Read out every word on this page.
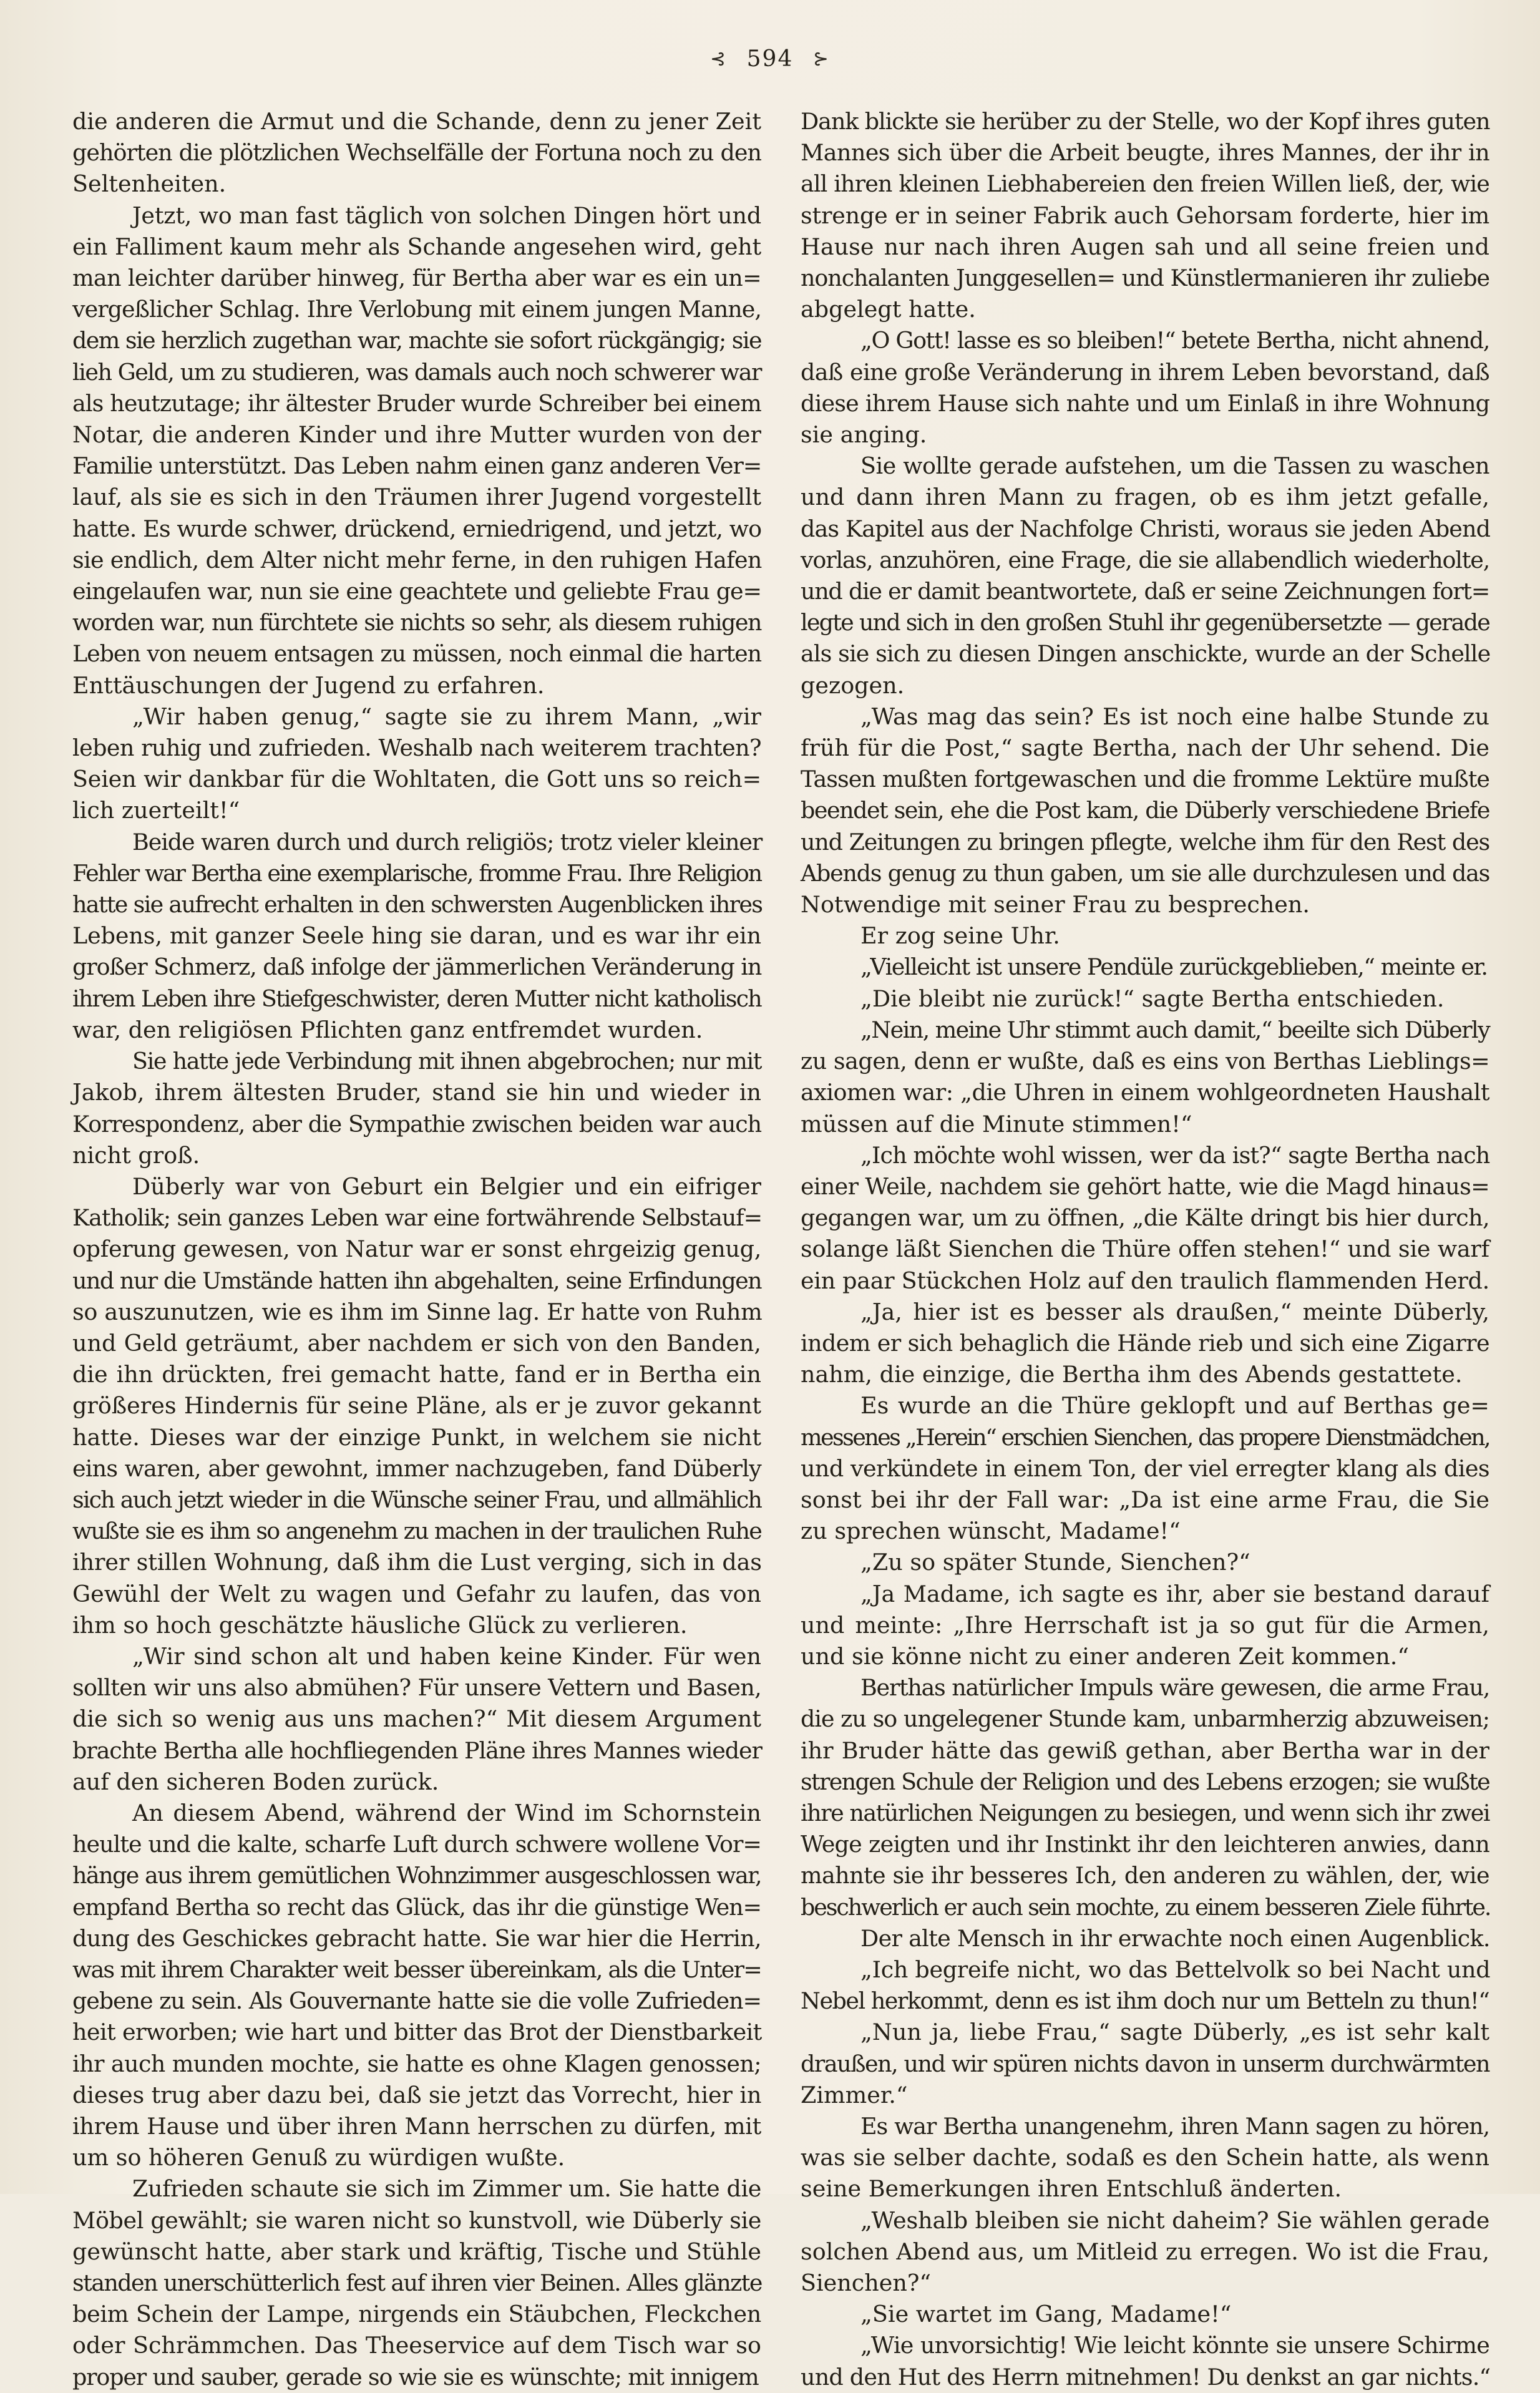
⊰ 594 ⊱
die anderen die Armut und die Schande, denn zu jener Zeit
gehörten die plötzlichen Wechselfälle der Fortuna noch zu den
Seltenheiten.
Jetzt, wo man fast täglich von solchen Dingen hört und
ein Falliment kaum mehr als Schande angesehen wird, geht
man leichter darüber hinweg, für Bertha aber war es ein un=
vergeßlicher Schlag. Ihre Verlobung mit einem jungen Manne,
dem sie herzlich zugethan war, machte sie sofort rückgängig; sie
lieh Geld, um zu studieren, was damals auch noch schwerer war
als heutzutage; ihr ältester Bruder wurde Schreiber bei einem
Notar, die anderen Kinder und ihre Mutter wurden von der
Familie unterstützt. Das Leben nahm einen ganz anderen Ver=
lauf, als sie es sich in den Träumen ihrer Jugend vorgestellt
hatte. Es wurde schwer, drückend, erniedrigend, und jetzt, wo
sie endlich, dem Alter nicht mehr ferne, in den ruhigen Hafen
eingelaufen war, nun sie eine geachtete und geliebte Frau ge=
worden war, nun fürchtete sie nichts so sehr, als diesem ruhigen
Leben von neuem entsagen zu müssen, noch einmal die harten
Enttäuschungen der Jugend zu erfahren.
„Wir haben genug,“ sagte sie zu ihrem Mann, „wir
leben ruhig und zufrieden. Weshalb nach weiterem trachten?
Seien wir dankbar für die Wohltaten, die Gott uns so reich=
lich zuerteilt!“
Beide waren durch und durch religiös; trotz vieler kleiner
Fehler war Bertha eine exemplarische, fromme Frau. Ihre Religion
hatte sie aufrecht erhalten in den schwersten Augenblicken ihres
Lebens, mit ganzer Seele hing sie daran, und es war ihr ein
großer Schmerz, daß infolge der jämmerlichen Veränderung in
ihrem Leben ihre Stiefgeschwister, deren Mutter nicht katholisch
war, den religiösen Pflichten ganz entfremdet wurden.
Sie hatte jede Verbindung mit ihnen abgebrochen; nur mit
Jakob, ihrem ältesten Bruder, stand sie hin und wieder in
Korrespondenz, aber die Sympathie zwischen beiden war auch
nicht groß.
Düberly war von Geburt ein Belgier und ein eifriger
Katholik; sein ganzes Leben war eine fortwährende Selbstauf=
opferung gewesen, von Natur war er sonst ehrgeizig genug,
und nur die Umstände hatten ihn abgehalten, seine Erfindungen
so auszunutzen, wie es ihm im Sinne lag. Er hatte von Ruhm
und Geld geträumt, aber nachdem er sich von den Banden,
die ihn drückten, frei gemacht hatte, fand er in Bertha ein
größeres Hindernis für seine Pläne, als er je zuvor gekannt
hatte. Dieses war der einzige Punkt, in welchem sie nicht
eins waren, aber gewohnt, immer nachzugeben, fand Düberly
sich auch jetzt wieder in die Wünsche seiner Frau, und allmählich
wußte sie es ihm so angenehm zu machen in der traulichen Ruhe
ihrer stillen Wohnung, daß ihm die Lust verging, sich in das
Gewühl der Welt zu wagen und Gefahr zu laufen, das von
ihm so hoch geschätzte häusliche Glück zu verlieren.
„Wir sind schon alt und haben keine Kinder. Für wen
sollten wir uns also abmühen? Für unsere Vettern und Basen,
die sich so wenig aus uns machen?“ Mit diesem Argument
brachte Bertha alle hochfliegenden Pläne ihres Mannes wieder
auf den sicheren Boden zurück.
An diesem Abend, während der Wind im Schornstein
heulte und die kalte, scharfe Luft durch schwere wollene Vor=
hänge aus ihrem gemütlichen Wohnzimmer ausgeschlossen war,
empfand Bertha so recht das Glück, das ihr die günstige Wen=
dung des Geschickes gebracht hatte. Sie war hier die Herrin,
was mit ihrem Charakter weit besser übereinkam, als die Unter=
gebene zu sein. Als Gouvernante hatte sie die volle Zufrieden=
heit erworben; wie hart und bitter das Brot der Dienstbarkeit
ihr auch munden mochte, sie hatte es ohne Klagen genossen;
dieses trug aber dazu bei, daß sie jetzt das Vorrecht, hier in
ihrem Hause und über ihren Mann herrschen zu dürfen, mit
um so höheren Genuß zu würdigen wußte.
Zufrieden schaute sie sich im Zimmer um. Sie hatte die
Möbel gewählt; sie waren nicht so kunstvoll, wie Düberly sie
gewünscht hatte, aber stark und kräftig, Tische und Stühle
standen unerschütterlich fest auf ihren vier Beinen. Alles glänzte
beim Schein der Lampe, nirgends ein Stäubchen, Fleckchen
oder Schrämmchen. Das Theeservice auf dem Tisch war so
proper und sauber, gerade so wie sie es wünschte; mit innigem
Dank blickte sie herüber zu der Stelle, wo der Kopf ihres guten
Mannes sich über die Arbeit beugte, ihres Mannes, der ihr in
all ihren kleinen Liebhabereien den freien Willen ließ, der, wie
strenge er in seiner Fabrik auch Gehorsam forderte, hier im
Hause nur nach ihren Augen sah und all seine freien und
nonchalanten Junggesellen= und Künstlermanieren ihr zuliebe
abgelegt hatte.
„O Gott! lasse es so bleiben!“ betete Bertha, nicht ahnend,
daß eine große Veränderung in ihrem Leben bevorstand, daß
diese ihrem Hause sich nahte und um Einlaß in ihre Wohnung
sie anging.
Sie wollte gerade aufstehen, um die Tassen zu waschen
und dann ihren Mann zu fragen, ob es ihm jetzt gefalle,
das Kapitel aus der Nachfolge Christi, woraus sie jeden Abend
vorlas, anzuhören, eine Frage, die sie allabendlich wiederholte,
und die er damit beantwortete, daß er seine Zeichnungen fort=
legte und sich in den großen Stuhl ihr gegenübersetzte — gerade
als sie sich zu diesen Dingen anschickte, wurde an der Schelle
gezogen.
„Was mag das sein? Es ist noch eine halbe Stunde zu
früh für die Post,“ sagte Bertha, nach der Uhr sehend. Die
Tassen mußten fortgewaschen und die fromme Lektüre mußte
beendet sein, ehe die Post kam, die Düberly verschiedene Briefe
und Zeitungen zu bringen pflegte, welche ihm für den Rest des
Abends genug zu thun gaben, um sie alle durchzulesen und das
Notwendige mit seiner Frau zu besprechen.
Er zog seine Uhr.
„Vielleicht ist unsere Pendüle zurückgeblieben,“ meinte er.
„Die bleibt nie zurück!“ sagte Bertha entschieden.
„Nein, meine Uhr stimmt auch damit,“ beeilte sich Düberly
zu sagen, denn er wußte, daß es eins von Berthas Lieblings=
axiomen war: „die Uhren in einem wohlgeordneten Haushalt
müssen auf die Minute stimmen!“
„Ich möchte wohl wissen, wer da ist?“ sagte Bertha nach
einer Weile, nachdem sie gehört hatte, wie die Magd hinaus=
gegangen war, um zu öffnen, „die Kälte dringt bis hier durch,
solange läßt Sienchen die Thüre offen stehen!“ und sie warf
ein paar Stückchen Holz auf den traulich flammenden Herd.
„Ja, hier ist es besser als draußen,“ meinte Düberly,
indem er sich behaglich die Hände rieb und sich eine Zigarre
nahm, die einzige, die Bertha ihm des Abends gestattete.
Es wurde an die Thüre geklopft und auf Berthas ge=
messenes „Herein“ erschien Sienchen, das propere Dienstmädchen,
und verkündete in einem Ton, der viel erregter klang als dies
sonst bei ihr der Fall war: „Da ist eine arme Frau, die Sie
zu sprechen wünscht, Madame!“
„Zu so später Stunde, Sienchen?“
„Ja Madame, ich sagte es ihr, aber sie bestand darauf
und meinte: „Ihre Herrschaft ist ja so gut für die Armen,
und sie könne nicht zu einer anderen Zeit kommen.“
Berthas natürlicher Impuls wäre gewesen, die arme Frau,
die zu so ungelegener Stunde kam, unbarmherzig abzuweisen;
ihr Bruder hätte das gewiß gethan, aber Bertha war in der
strengen Schule der Religion und des Lebens erzogen; sie wußte
ihre natürlichen Neigungen zu besiegen, und wenn sich ihr zwei
Wege zeigten und ihr Instinkt ihr den leichteren anwies, dann
mahnte sie ihr besseres Ich, den anderen zu wählen, der, wie
beschwerlich er auch sein mochte, zu einem besseren Ziele führte.
Der alte Mensch in ihr erwachte noch einen Augenblick.
„Ich begreife nicht, wo das Bettelvolk so bei Nacht und
Nebel herkommt, denn es ist ihm doch nur um Betteln zu thun!“
„Nun ja, liebe Frau,“ sagte Düberly, „es ist sehr kalt
draußen, und wir spüren nichts davon in unserm durchwärmten
Zimmer.“
Es war Bertha unangenehm, ihren Mann sagen zu hören,
was sie selber dachte, sodaß es den Schein hatte, als wenn
seine Bemerkungen ihren Entschluß änderten.
„Weshalb bleiben sie nicht daheim? Sie wählen gerade
solchen Abend aus, um Mitleid zu erregen. Wo ist die Frau,
Sienchen?“
„Sie wartet im Gang, Madame!“
„Wie unvorsichtig! Wie leicht könnte sie unsere Schirme
und den Hut des Herrn mitnehmen! Du denkst an gar nichts.“
